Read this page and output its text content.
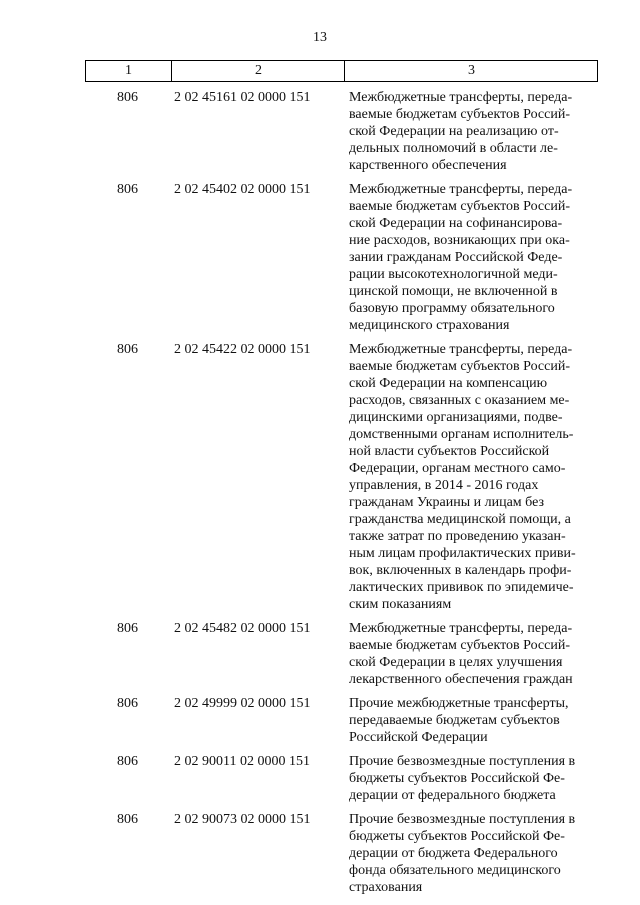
13
1	2	3
806	2 02 45161 02 0000 151	Межбюджетные трансферты, переда-
ваемые бюджетам субъектов Россий-
ской Федерации на реализацию от-
дельных полномочий в области ле-
карственного обеспечения
806	2 02 45402 02 0000 151	Межбюджетные трансферты, переда-
ваемые бюджетам субъектов Россий-
ской Федерации на софинансирова-
ние расходов, возникающих при ока-
зании гражданам Российской Феде-
рации высокотехнологичной меди-
цинской помощи, не включенной в
базовую программу обязательного
медицинского страхования
806	2 02 45422 02 0000 151	Межбюджетные трансферты, переда-
ваемые бюджетам субъектов Россий-
ской Федерации на компенсацию
расходов, связанных с оказанием ме-
дицинскими организациями, подве-
домственными органам исполнитель-
ной власти субъектов Российской
Федерации, органам местного само-
управления, в 2014 - 2016 годах
гражданам Украины и лицам без
гражданства медицинской помощи, а
также затрат по проведению указан-
ным лицам профилактических приви-
вок, включенных в календарь профи-
лактических прививок по эпидемиче-
ским показаниям
806	2 02 45482 02 0000 151	Межбюджетные трансферты, переда-
ваемые бюджетам субъектов Россий-
ской Федерации в целях улучшения
лекарственного обеспечения граждан
806	2 02 49999 02 0000 151	Прочие межбюджетные трансферты,
передаваемые бюджетам субъектов
Российской Федерации
806	2 02 90011 02 0000 151	Прочие безвозмездные поступления в
бюджеты субъектов Российской Фе-
дерации от федерального бюджета
806	2 02 90073 02 0000 151	Прочие безвозмездные поступления в
бюджеты субъектов Российской Фе-
дерации от бюджета Федерального
фонда обязательного медицинского
страхования
